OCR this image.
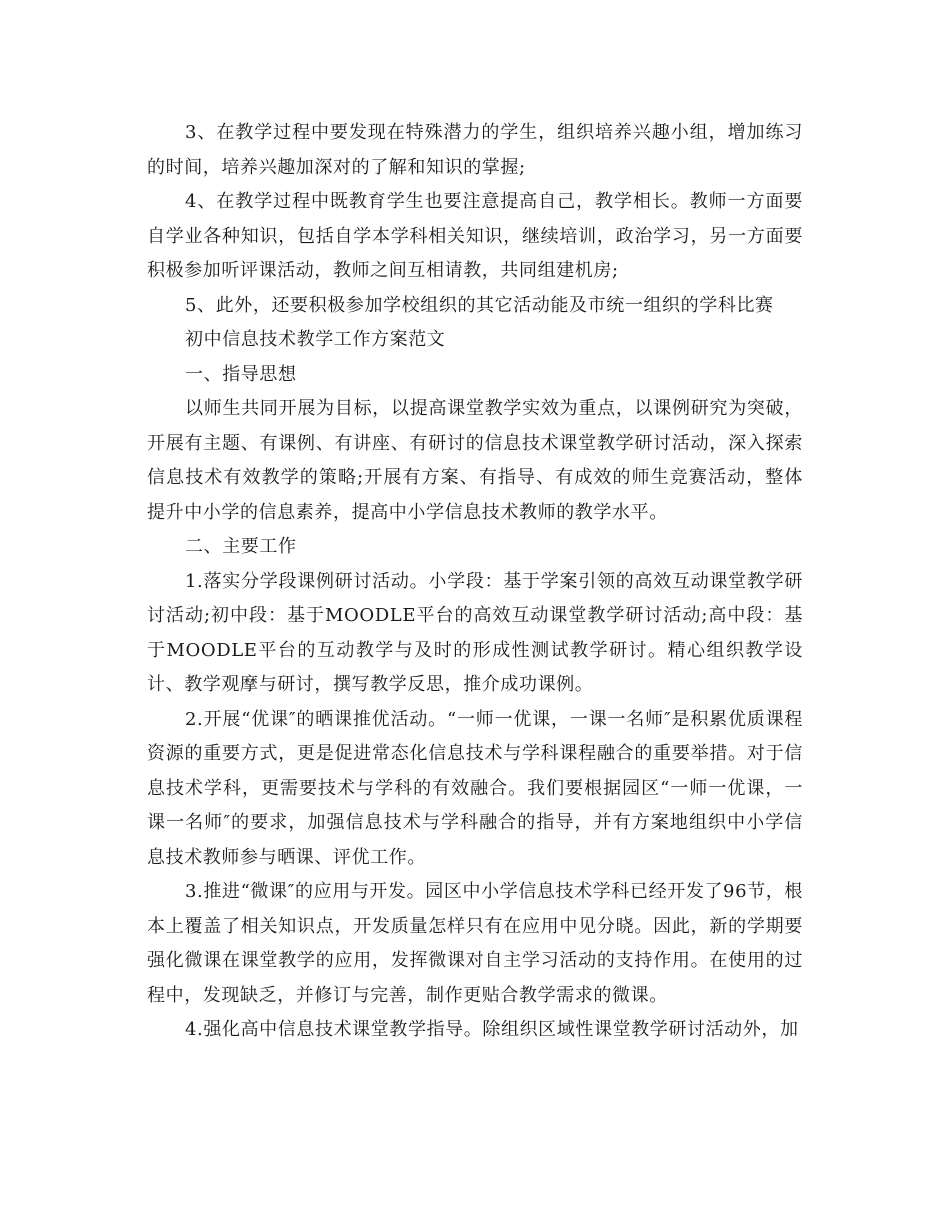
3、在教学过程中要发现在特殊潜力的学生，组织培养兴趣小组，增加练习的时间，培养兴趣加深对的了解和知识的掌握;

4、在教学过程中既教育学生也要注意提高自己，教学相长。教师一方面要自学业各种知识，包括自学本学科相关知识，继续培训，政治学习，另一方面要积极参加听评课活动，教师之间互相请教，共同组建机房;

5、此外，还要积极参加学校组织的其它活动能及市统一组织的学科比赛

初中信息技术教学工作方案范文

一、指导思想

以师生共同开展为目标，以提高课堂教学实效为重点，以课例研究为突破，开展有主题、有课例、有讲座、有研讨的信息技术课堂教学研讨活动，深入探索信息技术有效教学的策略;开展有方案、有指导、有成效的师生竞赛活动，整体提升中小学的信息素养，提高中小学信息技术教师的教学水平。

二、主要工作

1.落实分学段课例研讨活动。小学段：基于学案引领的高效互动课堂教学研讨活动;初中段：基于MOODLE平台的高效互动课堂教学研讨活动;高中段：基于MOODLE平台的互动教学与及时的形成性测试教学研讨。精心组织教学设计、教学观摩与研讨，撰写教学反思，推介成功课例。

2.开展“优课″的晒课推优活动。“一师一优课，一课一名师″是积累优质课程资源的重要方式，更是促进常态化信息技术与学科课程融合的重要举措。对于信息技术学科，更需要技术与学科的有效融合。我们要根据园区“一师一优课，一课一名师″的要求，加强信息技术与学科融合的指导，并有方案地组织中小学信息技术教师参与晒课、评优工作。

3.推进“微课″的应用与开发。园区中小学信息技术学科已经开发了96节，根本上覆盖了相关知识点，开发质量怎样只有在应用中见分晓。因此，新的学期要强化微课在课堂教学的应用，发挥微课对自主学习活动的支持作用。在使用的过程中，发现缺乏，并修订与完善，制作更贴合教学需求的微课。

4.强化高中信息技术课堂教学指导。除组织区域性课堂教学研讨活动外，加
